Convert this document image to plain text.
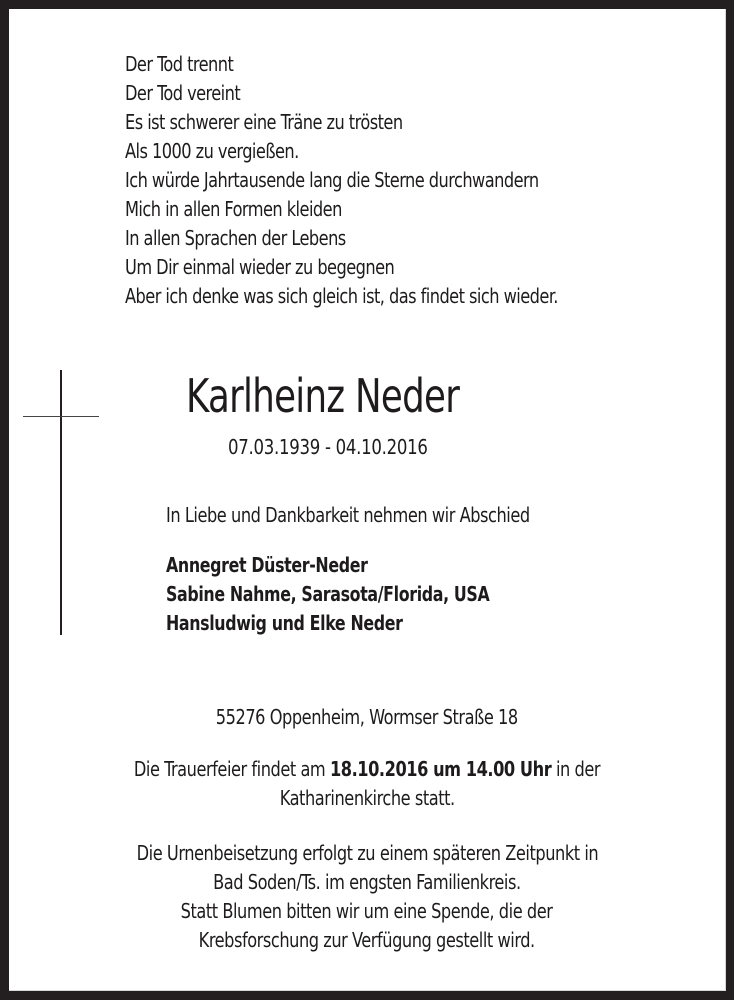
Der Tod trennt
Der Tod vereint
Es ist schwerer eine Träne zu trösten
Als 1000 zu vergießen.
Ich würde Jahrtausende lang die Sterne durchwandern
Mich in allen Formen kleiden
In allen Sprachen der Lebens
Um Dir einmal wieder zu begegnen
Aber ich denke was sich gleich ist, das findet sich wieder.
Karlheinz Neder
07.03.1939 - 04.10.2016
In Liebe und Dankbarkeit nehmen wir Abschied
Annegret Düster-Neder
Sabine Nahme, Sarasota/Florida, USA
Hansludwig und Elke Neder

55276 Oppenheim, Wormser Straße 18

Die Trauerfeier findet am 18.10.2016 um 14.00 Uhr in der

Katharinenkirche statt.

Die Urnenbeisetzung erfolgt zu einem späteren Zeitpunkt in

Bad Soden/Ts. im engsten Familienkreis.

Statt Blumen bitten wir um eine Spende, die der

Krebsforschung zur Verfügung gestellt wird.
